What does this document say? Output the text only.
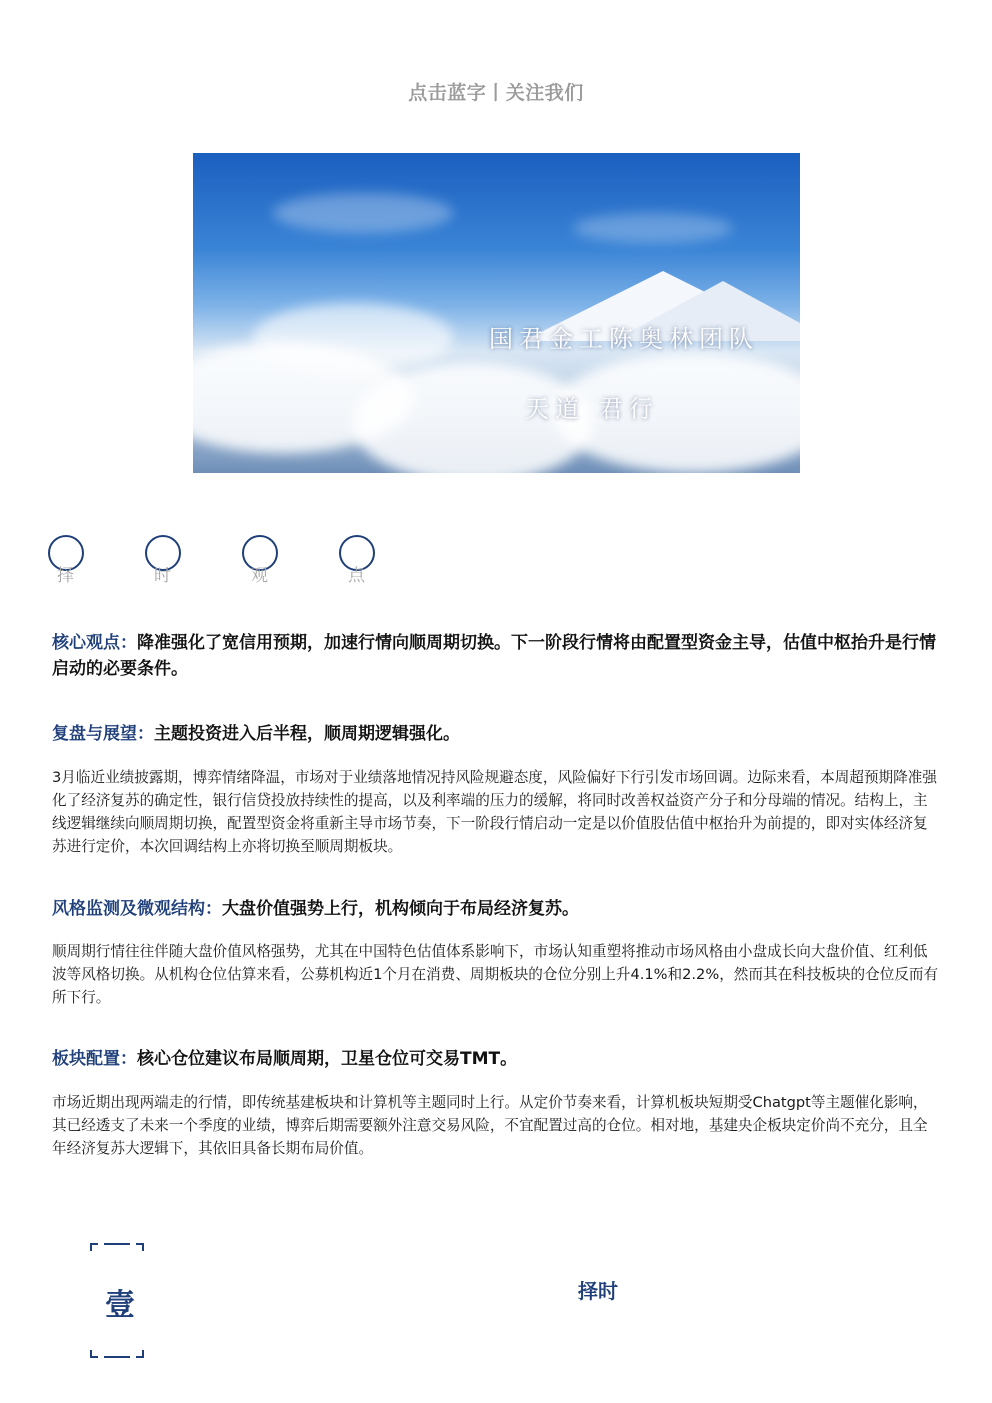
点击蓝字丨关注我们
国君金工陈奥林团队
天道 君行
择	时	观	点
核心观点：降准强化了宽信用预期，加速行情向顺周期切换。下一阶段行情将由配置型资金主导，估值中枢抬升是行情启动的必要条件。
复盘与展望：主题投资进入后半程，顺周期逻辑强化。
3月临近业绩披露期，博弈情绪降温，市场对于业绩落地情况持风险规避态度，风险偏好下行引发市场回调。边际来看，本周超预期降准强化了经济复苏的确定性，银行信贷投放持续性的提高，以及利率端的压力的缓解，将同时改善权益资产分子和分母端的情况。结构上，主线逻辑继续向顺周期切换，配置型资金将重新主导市场节奏，下一阶段行情启动一定是以价值股估值中枢抬升为前提的，即对实体经济复苏进行定价，本次回调结构上亦将切换至顺周期板块。
风格监测及微观结构：大盘价值强势上行，机构倾向于布局经济复苏。
顺周期行情往往伴随大盘价值风格强势，尤其在中国特色估值体系影响下，市场认知重塑将推动市场风格由小盘成长向大盘价值、红利低波等风格切换。从机构仓位估算来看，公募机构近1个月在消费、周期板块的仓位分别上升4.1%和2.2%，然而其在科技板块的仓位反而有所下行。
板块配置：核心仓位建议布局顺周期，卫星仓位可交易TMT。
市场近期出现两端走的行情，即传统基建板块和计算机等主题同时上行。从定价节奏来看，计算机板块短期受Chatgpt等主题催化影响，其已经透支了未来一个季度的业绩，博弈后期需要额外注意交易风险，不宜配置过高的仓位。相对地，基建央企板块定价尚不充分，且全年经济复苏大逻辑下，其依旧具备长期布局价值。
壹	择时
